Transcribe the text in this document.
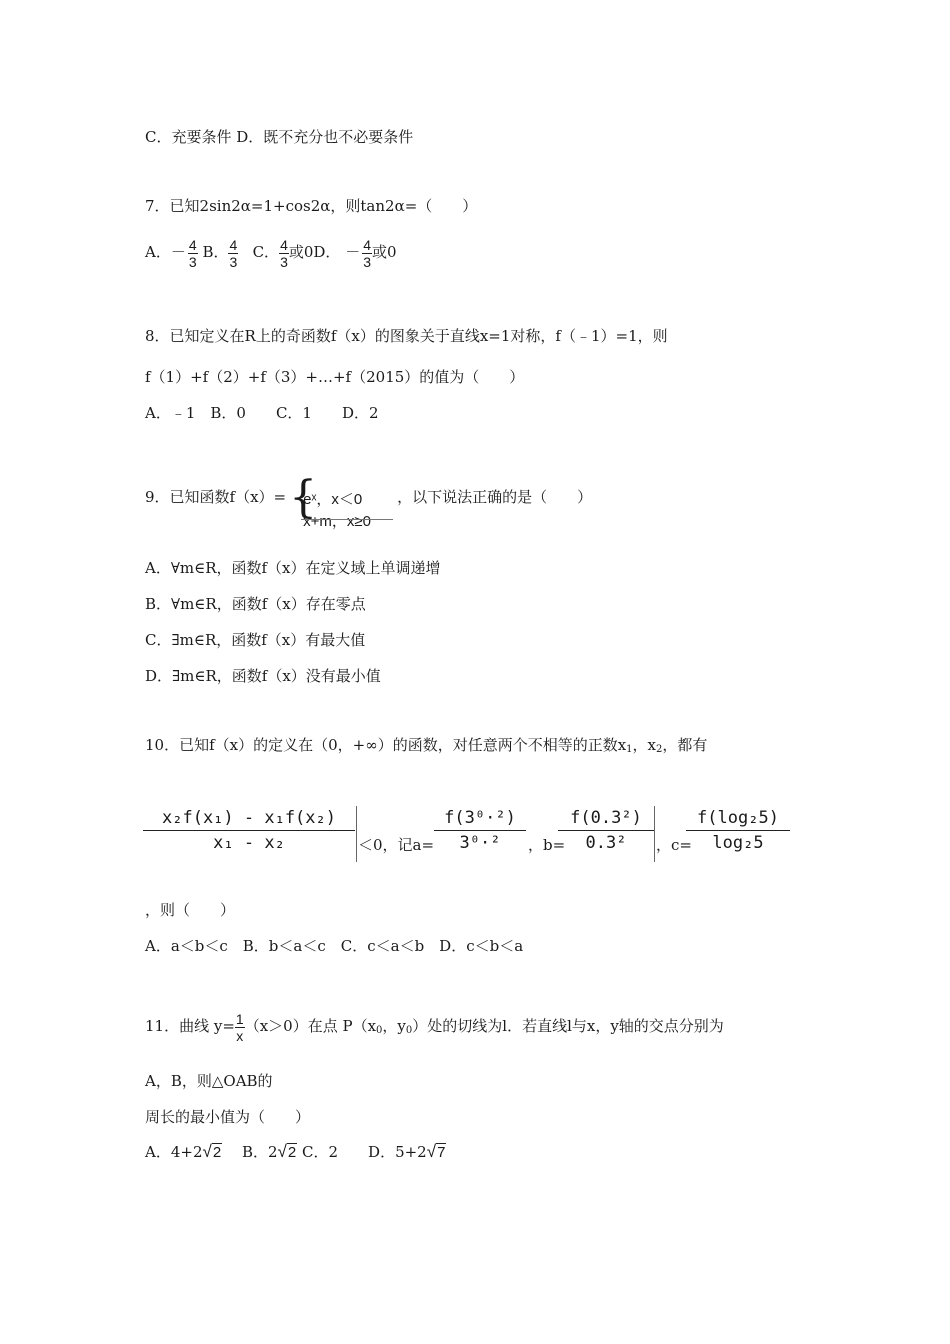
C．充要条件 D．既不充分也不必要条件
7．已知2sin2α=1+cos2α，则tan2α=（　　）
A．－ $\frac{4}{3}$ B． $\frac{4}{3}$ C． $\frac{4}{3}$ 或0D． － $\frac{4}{3}$ 或0
8．已知定义在R上的奇函数f（x）的图象关于直线x=1对称，f（﹣1）=1，则
f（1）+f（2）+f（3）+…+f（2015）的值为（　　）
A．﹣1　B．0　　C．1　　D．2
9．已知函数f（x）= {
eˣ，x＜0
x+m，x≥0
，以下说法正确的是（　　）
A．∀m∈R，函数f（x）在定义域上单调递增
B．∀m∈R，函数f（x）存在零点
C．∃m∈R，函数f（x）有最大值
D．∃m∈R，函数f（x）没有最小值
10．已知f（x）的定义在（0，+∞）的函数，对任意两个不相等的正数$x_1$，$x_2$，都有
$\frac{\text{x₂f(x₁) - x₁f(x₂)}}{\text{x₁ - x₂}} <0$，记$a= \frac{\text{f(3⁰·²)}}{\text{3⁰·²}}$ ，b=
$\frac{\text{f(0.3²)}}{\text{0.3²}}$ ，c=
$\frac{\text{f(log₂5)}}{\text{log₂5}}$
，则（　　）
A．a＜b＜c　B．b＜a＜c　C．c＜a＜b　D．c＜b＜a
11．曲线 $y= \frac{1}{x} (x>0)$在点 $P(x_0$，$y_0$）处的切线为l．若直线l与x，y轴的交点分别为
A，B，则△OAB的
周长的最小值为（　　）
A．4+2√2 　B．2√2 C．2　　D．5+2√7
